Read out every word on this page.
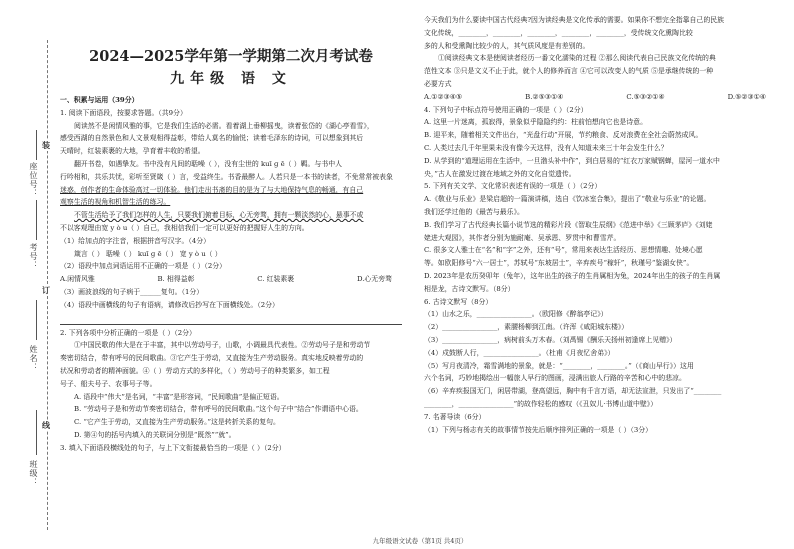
班级：
姓名：
考号：
座位号：
装
订
线
2024—2025学年第一学期第二次月考试卷
九年级 语 文

一、积累与运用（39分）

1. 阅读下面语段，按要求答题。（共9分）

阅读然不是闲情风雅的事，它是我们生活的必需。看着湖上垂柳摇曳，读着张岱的《湖心亭看雪》，

感受西湖的自然景色和人文景观相得益彰，带给人莫名的愉悦；读着毛泽东的诗词，可以想象到其后

天晴时，红装素裹的大地，孕育着丰收的希望。

翻开书卷，如遇挚友。书中没有凡间的聒噪（ ），没有尘世的 kuī ɡ ē（ ）羁。与书中人

行吟相和，共乐共忧，彩听至贤箴（ ）言，受益终生。书香最醉人。人若只是一本书的读者，不免常常被表象

迷惑，创作者的生命体验高过一切体验。他们走出书斋的目的是为了与大地保持气息的畅通，有自己

观察生活的视角和机智生活的练习。

不管生活给予了我们怎样的人生，只要我们俯着目标，心无旁骛，拥有一颗淡然的心，悬事不或

不以客观理由宽 y ò u（ ）自己，我相信我们一定可以更好的把握好人生的方向。

（1）给加点的字注音，根据拼音写汉字。（4分）

箴言（ ） 聒噪（ ） kuī ɡ ē（ ） 宽 y ò u（ ）

（2）语段中加点词语运用不正确的一项是（ ）（2分）

A.闲情风雅	B. 相得益彰	C. 红装素裹	D.心无旁骛

（3）画波浪线的句子病于______复句。（1分）

（4）语段中画横线的句子有语病，请修改后抄写在下面横线处。（2分）

2. 下列各项中分析正确的一项是（ ）（2分）

①中国民歌的伟大是在于丰富，其中以劳动号子，山歌，小调最具代表性。②劳动号子是和劳动节

奏密切结合，带有呼号的民间歌曲。③它产生于劳动，又直接为生产劳动服务。真实地反映着劳动的

状况和劳动者的精神面貌。④（ ）劳动方式的多样化，（ ）劳动号子的种类繁多，如工程

号子、船夫号子、农事号子等。

A. 语段中“伟大”是名词，“丰富”是形容词，“民间歌曲”是偏正短语。

B. “劳动号子是和劳动节奏密切结合，带有呼号的民间歌曲。”这个句子中“结合”作谓语中心语。

C. “它产生于劳动，又直接为生产劳动服务。”这是转折关系的复句。

D. 第④句的括号内填入的关联词分别是“既然”“就”。

3. 填入下面语段横线处的句子，与上下文衔接最恰当的一项是（ ）（2分）

今天我们为什么要读中国古代经典?因为读经典是文化传承的需要。如果你不想完全指靠自己的民族

文化传统，________，________，________，________，________，受传统文化熏陶比较

多的人和受熏陶比较少的人，其气质风度是有差别的。

①阅读经典文本是使阅读者经历一番文化濡染的过程 ②那么阅读代表自己民族文化传统的典

范性文本 ③只是文义不止于此，就个人的修养而言 ④它可以改变人的气质 ⑤是承继传统的一种

必要方式

A.①②③④⑤	B.②⑤③①④	C.⑤③②①④	D.⑤②③①④

4. 下列句子中标点符号使用正确的一项是（ ）（2分）

A. 这里一片迷离，孤寂得，景象似乎隐隐约约：柱前怕想向它也是诗意。

B. 迎平来，随着相关文件出台，“光盘行动”开展，节约粮食、反对浪费在全社会蔚然成风。

C. 人类过去几千年里果未没有像今天这样，没有人知道未来三十年会发生什么？

D. 从学到的“道理运用在生活中，一旦渤头补中作”，到白居易的“红衣万家赋钢蝉，屋河一道水中

央，”古人在激发过渡在地域之外的文化自觉遗传。

5. 下列有关文学、文化常识表述有误的一项是（ ）（2分）

A.《敬业与乐业》是梁启超的一篇演讲稿，选自《饮冰室合集》，提出了“敬业与乐业”的论题。

我们还学过他的《最苦与最乐》。

B. 我们学习了古代经典长篇小说节选的精彩片段《智取生辰纲》《范进中举》《三顾茅庐》《刘姥

姥进大观园》，其作者分别为施耐庵、吴承恩、罗贯中和曹雪芹。

C. 很多文人雅士在“名”和“字”之外，还有“号”，常用来表达生活经历、思想情趣、处境心愿

等。如欧阳修号“六一居士”，苏轼号“东坡居士”，辛弃疾号“稼轩”，秋瑾号“鉴湖女侠”。

D. 2023年是农历癸卯年（兔年），这年出生的孩子的生肖属相为兔，2024年出生的孩子的生肖属

相是龙，古诗文默写。（8分）

6. 古诗文默写（8分）

（1）山水之乐，________________。（欧阳修《醉翁亭记》）

（2）________________，素腰杨柳到江南。（许浑《咸阳城东楼》）

（3）________________，病树前头万木春。（刘禹锡《酬乐天扬州初逢席上见赠》）

（4）戍鼓断人行，________________。（杜甫《月夜忆舍弟》）

（5）写月夜清冷，霜雪满地的景象，就是：“________，________。”（《商山早行》）这用

六个名词，巧妙地揭绘出一幅旅人早行的图画，浸满出旅人行路的辛苦和心中的悲凉。

（6）辛弃疾报国无门，闲居带湖，登高望远，胸中有千言万语，却无法宣泄，只发出了“________

________，________________”的故作轻松的感叹（《丑奴儿·书博山道中壁》）

7. 名著导读（6分）

（1）下列与杨志有关的故事情节按先后顺序排列正确的一项是（ ）（3分）

九年级语文试卷（第1页 共4页）
